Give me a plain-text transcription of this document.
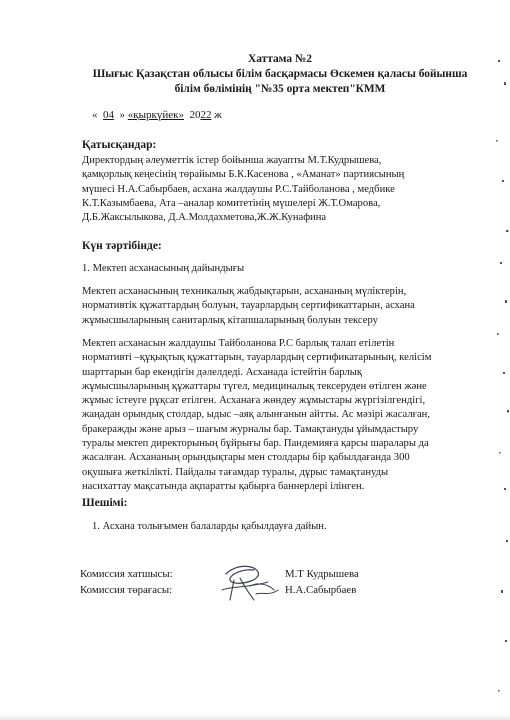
Хаттама №2
Шығыс Қазақстан облысы білім басқармасы Өскемен қаласы бойынша
білім бөлімінің "№35 орта мектеп"КММ
« 04 » «қыркүйек» 2022 ж
Қатысқандар:
Директордың әлеуметтік істер бойынша жауапты М.Т.Кудрышева,
қамқорлық кеңесінің төрайымы Б.К.Касенова , «Аманат» партиясының
мүшесі Н.А.Сабырбаев, асхана жалдаушы Р.С.Тайболанова , медбике
К.Т.Казымбаева, Ата –аналар комитетінің мүшелері Ж.Т.Омарова,
Д.Б.Жаксылыкова, Д.А.Молдахметова,Ж.Ж.Кунафина
Күн тәртібінде:
1. Мектеп асханасының дайындығы
Мектеп асханасының техникалық жабдықтарын, асхананың мүліктерін,
нормативтік құжаттардың болуын, тауарлардың сертификаттарын, асхана
жұмысшыларының санитарлық кітапшаларының болуын тексеру
Мектеп асханасын жалдаушы Тайболанова Р.С барлық талап етілетін
нормативті –құқықтық құжаттарын, тауарлардың сертификатарының, келісім
шарттарын бар екендігін дәлелдеді. Асханада істейтін барлық
жұмысшыларының құжаттары түгел, медициналық тексеруден өтілген және
жұмыс істеуге рұқсат етілген. Асханаға жөндеу жұмыстары жүргізілгендігі,
жаңадан орындық столдар, ыдыс –аяқ алынғанын айтты. Ас мәзірі жасалған,
бракеражды және арыз – шағым журналы бар. Тамақтануды ұйымдастыру
туралы мектеп директорының бұйрығы бар. Пандемияға қарсы шаралары да
жасалған. Асхананың орындықтары мен столдары бір қабылдағанда 300
оқушыға жеткілікті. Пайдалы тағамдар туралы, дұрыс тамақтануды
насихаттау мақсатында ақпаратты қабырға баннерлері ілінген.
Шешімі:
1. Асхана толығымен балаларды қабылдауға дайын.
Комиссия хатшысы:	М.Т Кудрышева
Комиссия төрағасы:	Н.А.Сабырбаев
